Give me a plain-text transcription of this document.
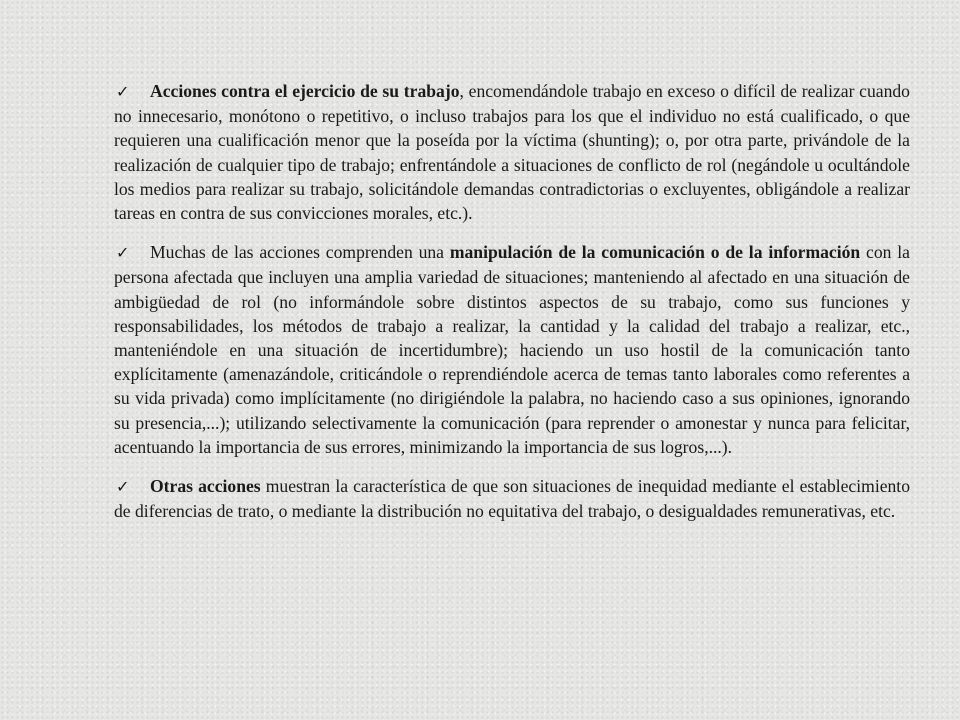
✓ Acciones contra el ejercicio de su trabajo, encomendándole trabajo en exceso o difícil de realizar cuando no innecesario, monótono o repetitivo, o incluso trabajos para los que el individuo no está cualificado, o que requieren una cualificación menor que la poseída por la víctima (shunting); o, por otra parte, privándole de la realización de cualquier tipo de trabajo; enfrentándole a situaciones de conflicto de rol (negándole u ocultándole los medios para realizar su trabajo, solicitándole demandas contradictorias o excluyentes, obligándole a realizar tareas en contra de sus convicciones morales, etc.).

✓ Muchas de las acciones comprenden una manipulación de la comunicación o de la información con la persona afectada que incluyen una amplia variedad de situaciones; manteniendo al afectado en una situación de ambigüedad de rol (no informándole sobre distintos aspectos de su trabajo, como sus funciones y responsabilidades, los métodos de trabajo a realizar, la cantidad y la calidad del trabajo a realizar, etc., manteniéndole en una situación de incertidumbre); haciendo un uso hostil de la comunicación tanto explícitamente (amenazándole, criticándole o reprendiéndole acerca de temas tanto laborales como referentes a su vida privada) como implícitamente (no dirigiéndole la palabra, no haciendo caso a sus opiniones, ignorando su presencia,...); utilizando selectivamente la comunicación (para reprender o amonestar y nunca para felicitar, acentuando la importancia de sus errores, minimizando la importancia de sus logros,...).

✓ Otras acciones muestran la característica de que son situaciones de inequidad mediante el establecimiento de diferencias de trato, o mediante la distribución no equitativa del trabajo, o desigualdades remunerativas, etc.
